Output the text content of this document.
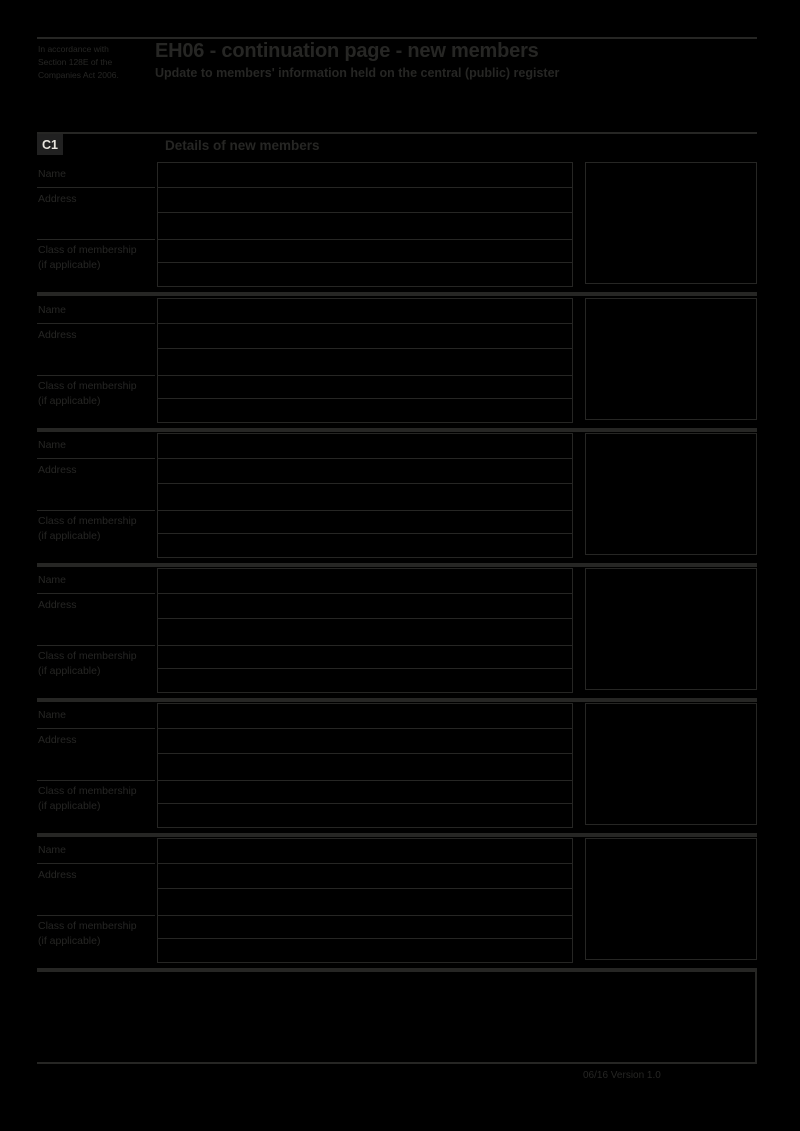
In accordance with
Section 128E of the
Companies Act 2006.
EH06 - continuation page - new members
Update to members' information held on the central (public) register
C1	Details of new members
Name
Address
Class of membership
(if applicable)
Name
Address
Class of membership
(if applicable)
Name
Address
Class of membership
(if applicable)
Name
Address
Class of membership
(if applicable)
Name
Address
Class of membership
(if applicable)
Name
Address
Class of membership
(if applicable)
06/16 Version 1.0
